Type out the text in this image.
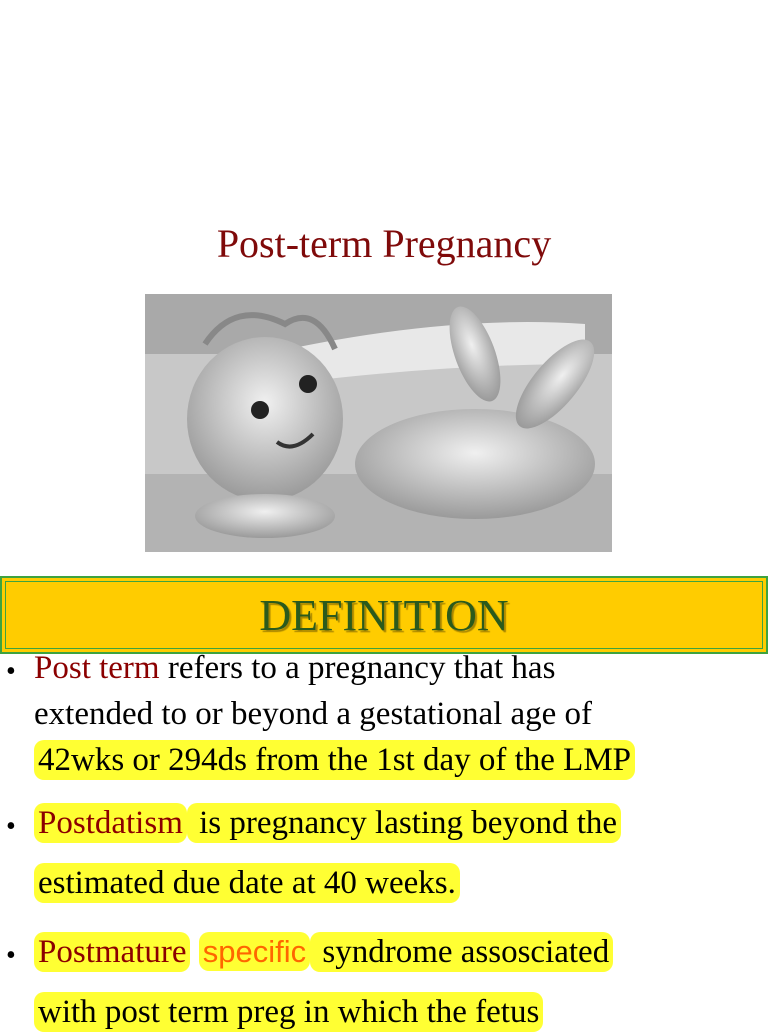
Post-term Pregnancy
DEFINITION
• Post term refers to a pregnancy that has
extended to or beyond a gestational age of
42wks or 294ds from the 1st day of the LMP
• Postdatism is pregnancy lasting beyond the
estimated due date at 40 weeks.
• Postmature specific syndrome assosciated
with post term preg in which the fetus
